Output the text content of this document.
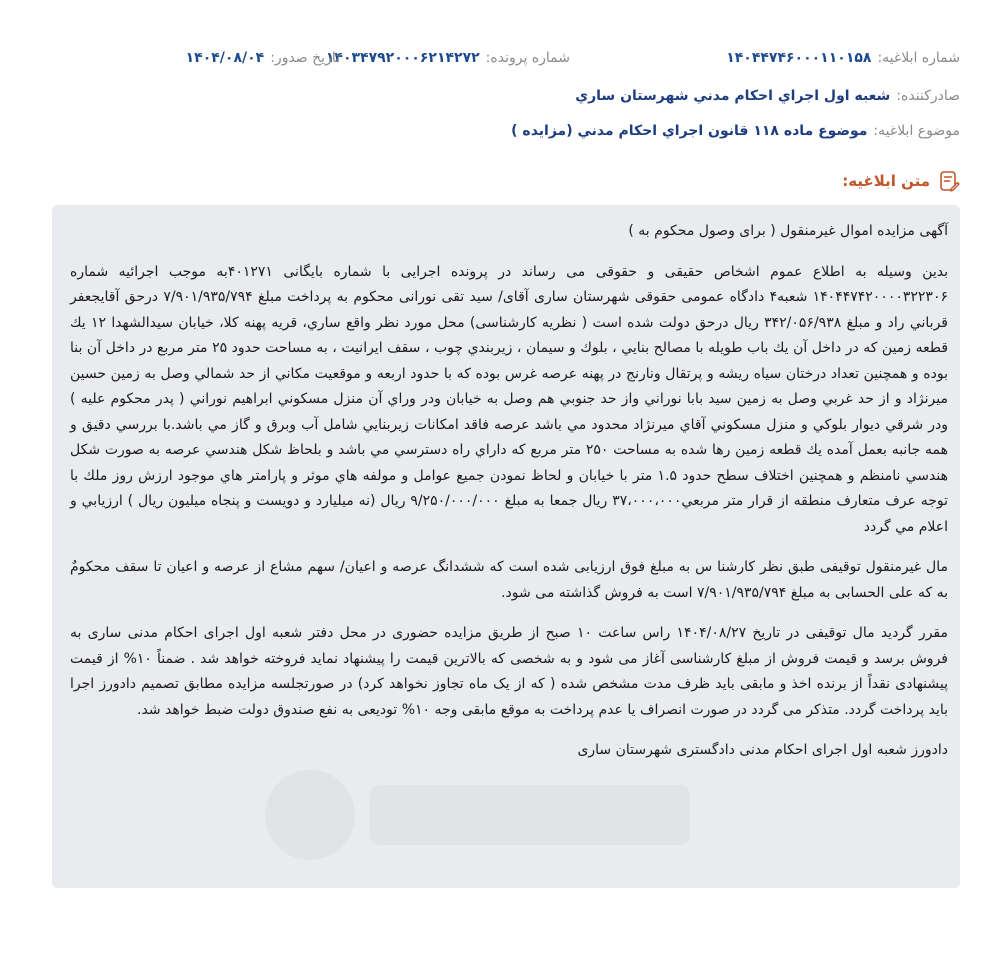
شماره ابلاغیه:
۱۴۰۴۴۷۴۶۰۰۰۱۱۰۱۵۸
شماره پرونده:
۱۴۰۳۴۷۹۲۰۰۰۶۲۱۴۲۷۲
تاریخ صدور:
۱۴۰۴/۰۸/۰۴
صادرکننده:
شعبه اول اجراي احکام مدني شهرستان ساري
موضوع ابلاغیه:
موضوع ماده ۱۱۸ قانون اجراي احکام مدني (مزايده )
متن ابلاغیه:

آگهی مزایده اموال غیرمنقول ( برای وصول محکوم به )

بدين وسيله به اطلاع عموم اشخاص حقيقی و حقوقی می رساند در پرونده اجرايی با شماره بايگانی ۴۰۱۲۷۱به موجب اجرائيه شماره ۱۴۰۴۴۷۴۲۰۰۰۰۳۲۲۳۰۶ شعبه۴ دادگاه عمومی حقوقی شهرستان ساری آقای/ سيد تقی نورانی محکوم به پرداخت مبلغ ۷/۹۰۱/۹۳۵/۷۹۴ درحق آقايجعفر قرباني راد و مبلغ ۳۴۲/۰۵۶/۹۳۸ ريال درحق دولت شده است ( نظريه کارشناسی) محل مورد نظر واقع ساري، قريه پهنه کلا، خيابان سيدالشهدا ۱۲ يك قطعه زمين كه در داخل آن يك باب طويله با مصالح بنايي ، بلوك و سيمان ، زيربندي چوب ، سقف ايرانيت ، به مساحت حدود ۲۵ متر مربع در داخل آن بنا بوده و همچنين تعداد درختان سياه ريشه و پرتقال ونارنج در پهنه عرصه غرس بوده كه با حدود اربعه و موقعيت مكاني از حد شمالي وصل به زمين حسين ميرنژاد و از حد غربي وصل به زمين سيد بابا نوراني واز حد جنوبي هم وصل به خيابان ودر وراي آن منزل مسكوني ابراهيم نوراني ( پدر محكوم عليه ) ودر شرقي ديوار بلوكي و منزل مسكوني آقاي ميرنژاد محدود مي باشد عرصه فاقد امكانات زيربنايي شامل آب وبرق و گاز مي باشد.با بررسي دقيق و همه جانبه بعمل آمده يك قطعه زمين رها شده به مساحت ۲۵۰ متر مربع كه داراي راه دسترسي مي باشد و بلحاظ شكل هندسي عرصه به صورت شكل هندسي نامنظم و همچنين اختلاف سطح حدود ۱.۵ متر با خيابان و لحاظ نمودن جميع عوامل و مولفه هاي موثر و پارامتر هاي موجود ارزش روز ملك با توجه عرف متعارف منطقه از قرار متر مربعي۳۷،۰۰۰،۰۰۰ ريال جمعا به مبلغ ۹/۲۵۰/۰۰۰/۰۰۰ ريال (نه ميليارد و دويست و پنجاه ميليون ريال ) ارزيابي و اعلام مي گردد

مال غیرمنقول توقیفی طبق نظر کارشنا س به مبلغ فوق ارزیابی شده است که ششدانگ عرصه و اعیان/ سهم مشاع از عرصه و اعيان تا سقف محکومٌ به که علی الحسابی به مبلغ ۷/۹۰۱/۹۳۵/۷۹۴ است به فروش گذاشته می شود.

مقرر گردید مال توقیفی در تاریخ ۱۴۰۴/۰۸/۲۷ راس ساعت ۱۰ صبح از طريق مزايده حضوری در محل دفتر شعبه اول اجرای احکام مدنی ساری به فروش برسد و قيمت فروش از مبلغ کارشناسی آغاز می شود و به شخصی که بالاترين قيمت را پيشنهاد نمايد فروخته خواهد شد . ضمناً ۱۰% از قیمت پیشنهادی نقداً از برنده اخذ و مابقی باید ظرف مدت مشخص شده ( که از یک ماه تجاوز نخواهد کرد) در صورتجلسه مزايده مطابق تصميم دادورز اجرا باید پرداخت گردد. متذکر می گردد در صورت انصراف یا عدم پرداخت به موقع مابقی وجه ۱۰% تودیعی به نفع صندوق دولت ضبط خواهد شد.

دادورز شعبه اول اجرای احکام مدنی دادگستری شهرستان ساری
